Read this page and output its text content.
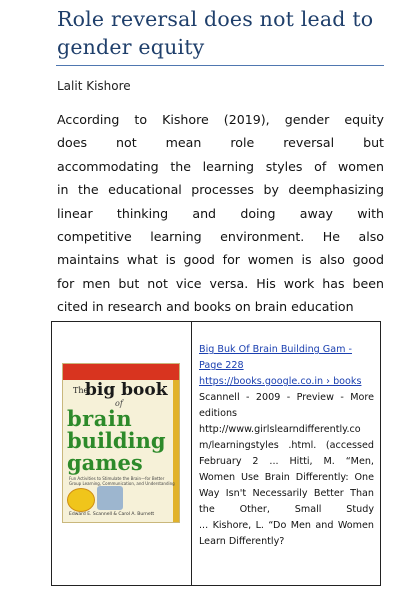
Role reversal does not lead to
gender equity
Lalit Kishore
According to Kishore (2019), gender equity
does not mean role reversal but
accommodating the learning styles of women
in the educational processes by deemphasizing
linear thinking and doing away with
competitive learning environment. He also
maintains what is good for women is also good
for men but not vice versa. His work has been
cited in research and books on brain education
The
big book
of
brain
building
games
Fun Activities to Stimulate the Brain—for Better Group Learning, Communication, and Understanding
Edward E. Scannell & Carol A. Burnett
Big Buk Of Brain Building Gam -
Page 228
https://books.google.co.in › books
Scannell - 2009 - Preview - More
editions
http://www.girlslearndifferently.co
m/learningstyles .html. (accessed
February 2 ... Hitti, M. “Men,
Women Use Brain Differently: One
Way Isn't Necessarily Better Than
the Other, Small Study
... Kishore, L. “Do Men and Women
Learn Differently?
